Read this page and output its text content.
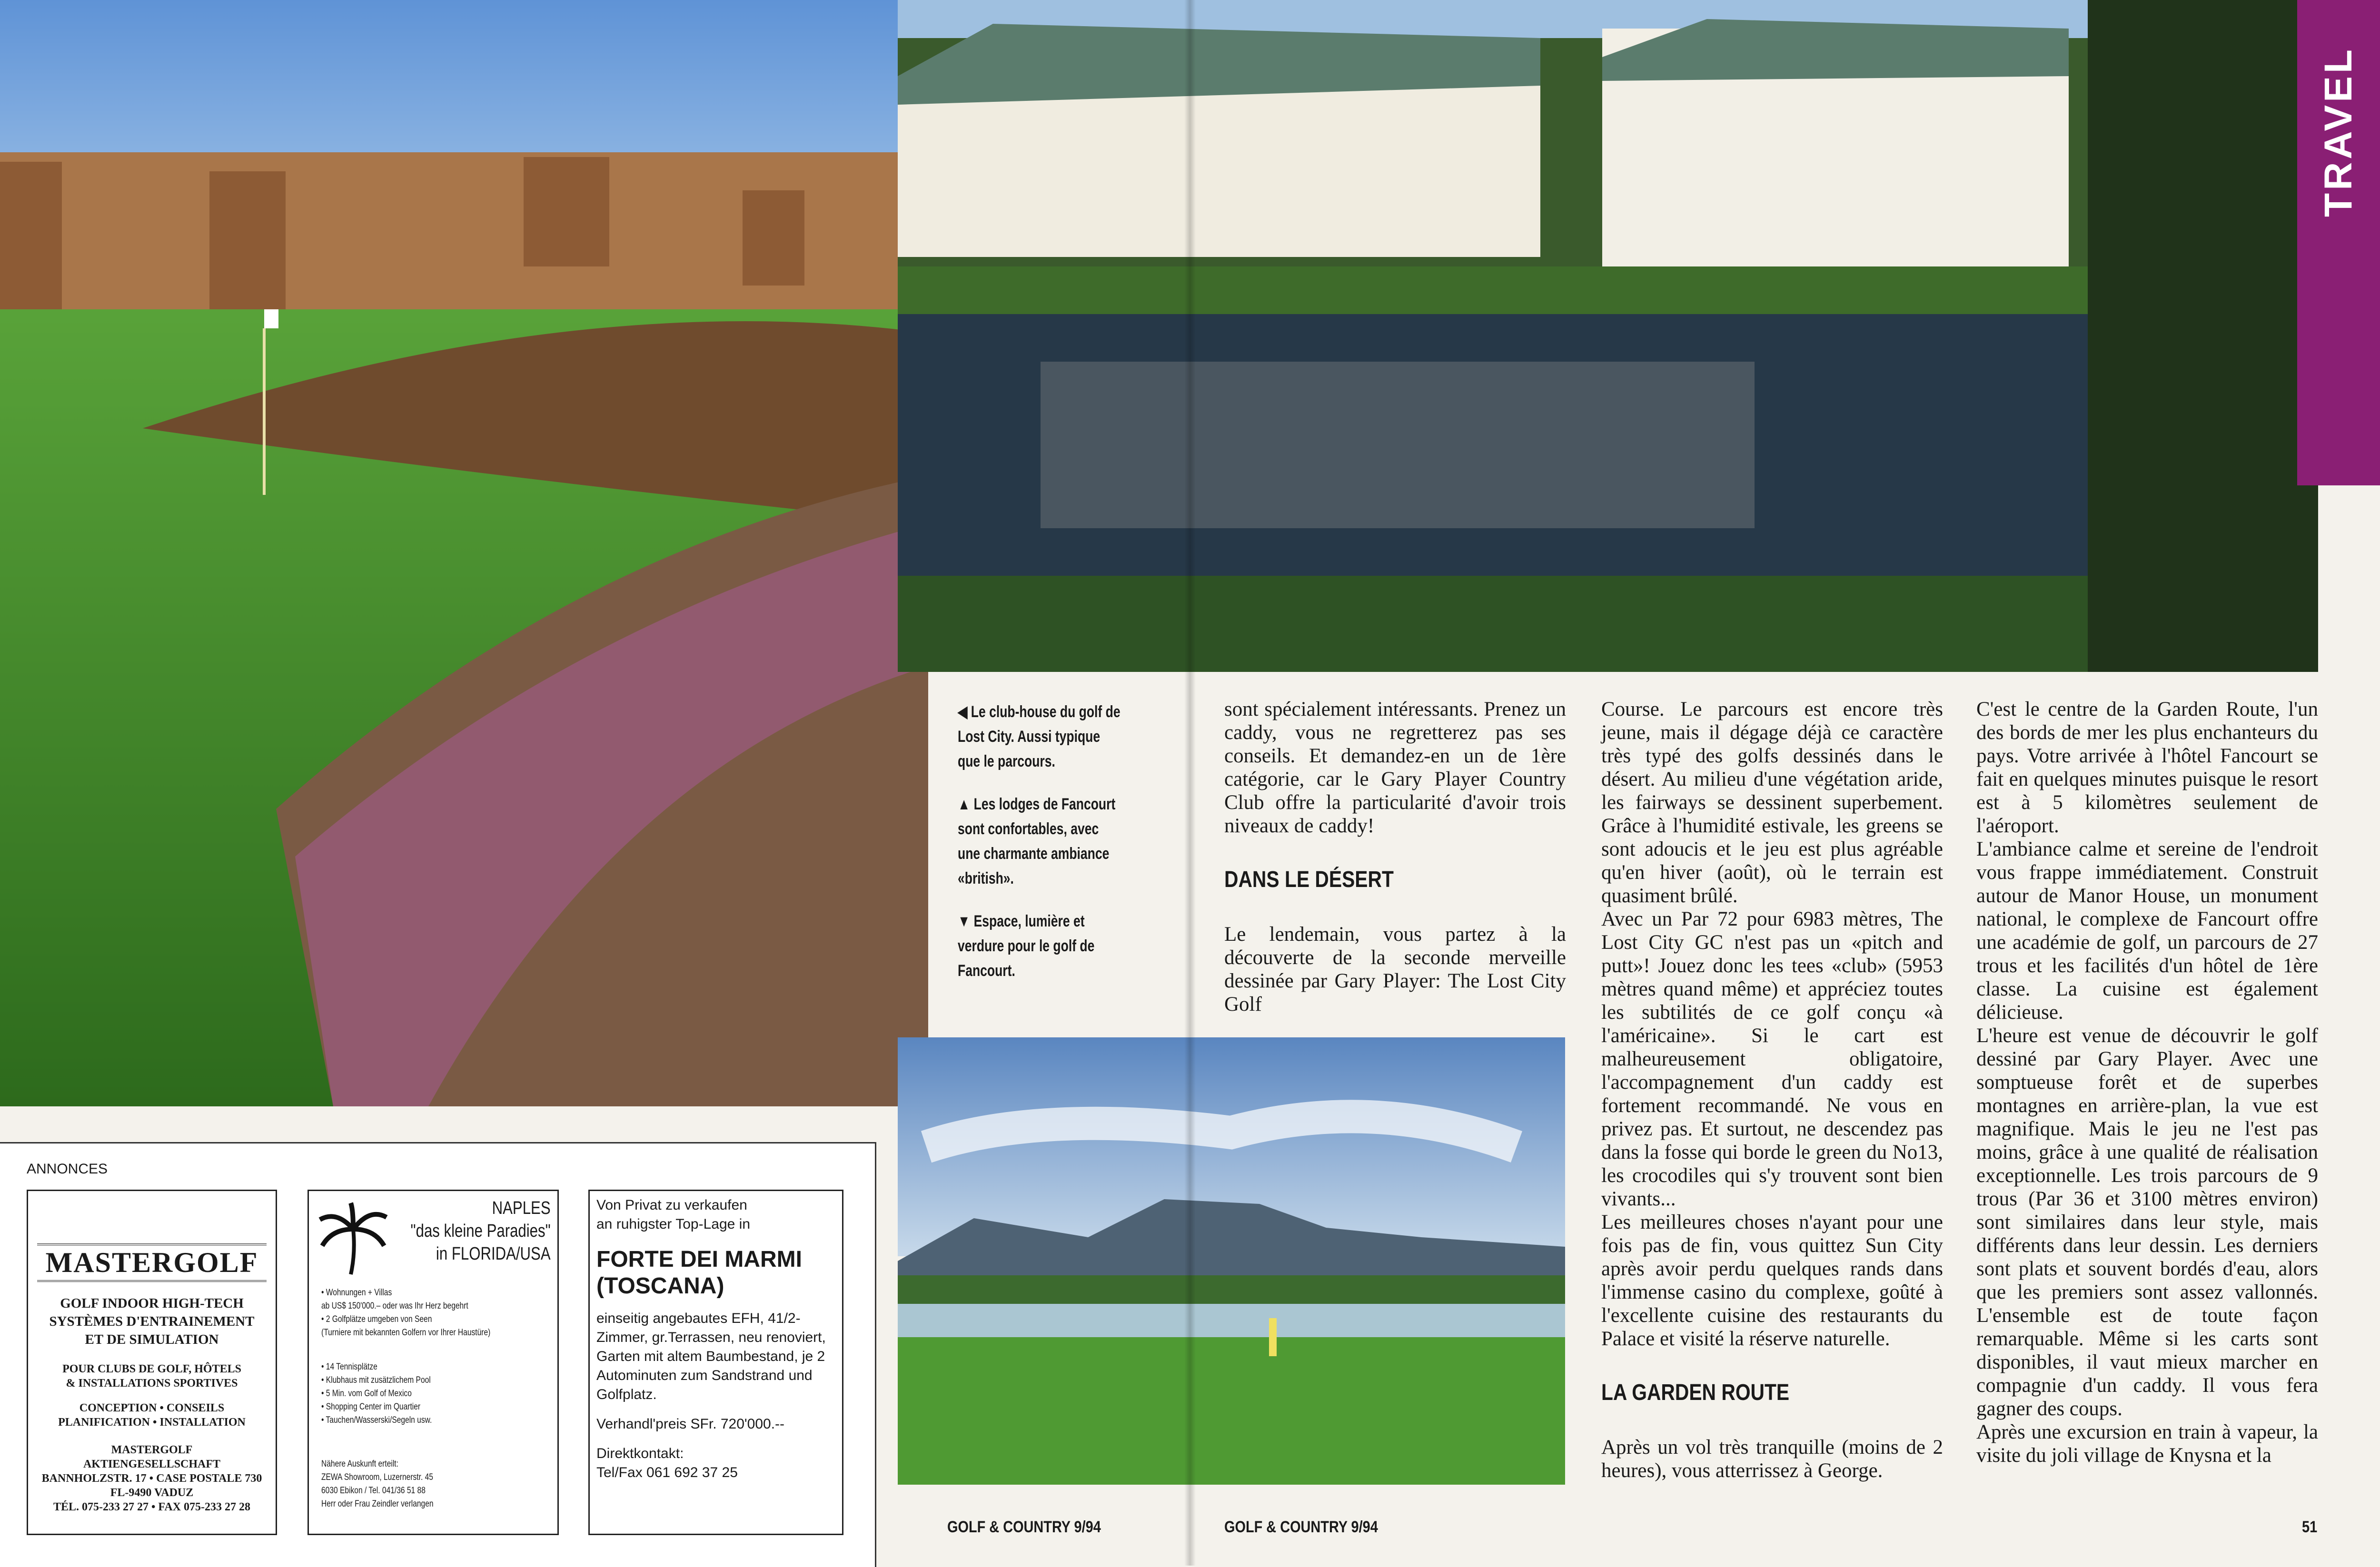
TRAVEL

◀ Le club-house du golf de Lost City. Aussi typique que le parcours.

▲ Les lodges de Fancourt sont confortables, avec une charmante ambiance «british».

▼ Espace, lumière et verdure pour le golf de Fancourt.

sont spécialement intéressants. Prenez un caddy, vous ne regretterez pas ses conseils. Et demandez-en un de 1ère catégorie, car le Gary Player Country Club offre la particularité d'avoir trois niveaux de caddy!

DANS LE DÉSERT

Le lendemain, vous partez à la découverte de la seconde merveille dessinée par Gary Player: The Lost City Golf

Course. Le parcours est encore très jeune, mais il dégage déjà ce caractère très typé des golfs dessinés dans le désert. Au milieu d'une végétation aride, les fairways se dessinent superbement. Grâce à l'humidité estivale, les greens se sont adoucis et le jeu est plus agréable qu'en hiver (août), où le terrain est quasiment brûlé.

Avec un Par 72 pour 6983 mètres, The Lost City GC n'est pas un «pitch and putt»! Jouez donc les tees «club» (5953 mètres quand même) et appréciez toutes les subtilités de ce golf conçu «à l'américaine». Si le cart est malheureusement obligatoire, l'accompagnement d'un caddy est fortement recommandé. Ne vous en privez pas. Et surtout, ne descendez pas dans la fosse qui borde le green du No13, les crocodiles qui s'y trouvent sont bien vivants...

Les meilleures choses n'ayant pour une fois pas de fin, vous quittez Sun City après avoir perdu quelques rands dans l'immense casino du complexe, goûté à l'excellente cuisine des restaurants du Palace et visité la réserve naturelle.

LA GARDEN ROUTE

Après un vol très tranquille (moins de 2 heures), vous atterrissez à George.

C'est le centre de la Garden Route, l'un des bords de mer les plus enchanteurs du pays. Votre arrivée à l'hôtel Fancourt se fait en quelques minutes puisque le resort est à 5 kilomètres seulement de l'aéroport.

L'ambiance calme et sereine de l'endroit vous frappe immédiatement. Construit autour de Manor House, un monument national, le complexe de Fancourt offre une académie de golf, un parcours de 27 trous et les facilités d'un hôtel de 1ère classe. La cuisine est également délicieuse.

L'heure est venue de découvrir le golf dessiné par Gary Player. Avec une somptueuse forêt et de superbes montagnes en arrière-plan, la vue est magnifique. Mais le jeu ne l'est pas moins, grâce à une qualité de réalisation exceptionnelle. Les trois parcours de 9 trous (Par 36 et 3100 mètres environ) sont similaires dans leur style, mais différents dans leur dessin. Les derniers sont plats et souvent bordés d'eau, alors que les premiers sont assez vallonnés. L'ensemble est de toute façon remarquable. Même si les carts sont disponibles, il vaut mieux marcher en compagnie d'un caddy. Il vous fera gagner des coups.

Après une excursion en train à vapeur, la visite du joli village de Knysna et la

GOLF & COUNTRY 9/94	GOLF & COUNTRY 9/94	51
ANNONCES
MASTERGOLF
GOLF INDOOR HIGH-TECH
SYSTÈMES D'ENTRAINEMENT
ET DE SIMULATION
POUR CLUBS DE GOLF, HÔTELS
& INSTALLATIONS SPORTIVES
CONCEPTION • CONSEILS
PLANIFICATION • INSTALLATION
MASTERGOLF
AKTIENGESELLSCHAFT
BANNHOLZSTR. 17 • CASE POSTALE 730
FL-9490 VADUZ
TÉL. 075-233 27 27 • FAX 075-233 27 28
NAPLES
"das kleine Paradies"
in FLORIDA/USA
• Wohnungen + Villas
ab US$ 150'000.– oder was Ihr Herz begehrt
• 2 Golfplätze umgeben von Seen
(Turniere mit bekannten Golfern vor Ihrer Haustüre)
• 14 Tennisplätze
• Klubhaus mit zusätzlichem Pool
• 5 Min. vom Golf of Mexico
• Shopping Center im Quartier
• Tauchen/Wasserski/Segeln usw.
Nähere Auskunft erteilt:
ZEWA Showroom, Luzernerstr. 45
6030 Ebikon / Tel. 041/36 51 88
Herr oder Frau Zeindler verlangen
Von Privat zu verkaufen
an ruhigster Top-Lage in
FORTE DEI MARMI
(TOSCANA)
einseitig angebautes EFH, 41/2-Zimmer, gr.Terrassen, neu renoviert, Garten mit altem Baumbestand, je 2 Autominuten zum Sandstrand und Golfplatz.
Verhandl'preis SFr. 720'000.--
Direktkontakt:
Tel/Fax 061 692 37 25
